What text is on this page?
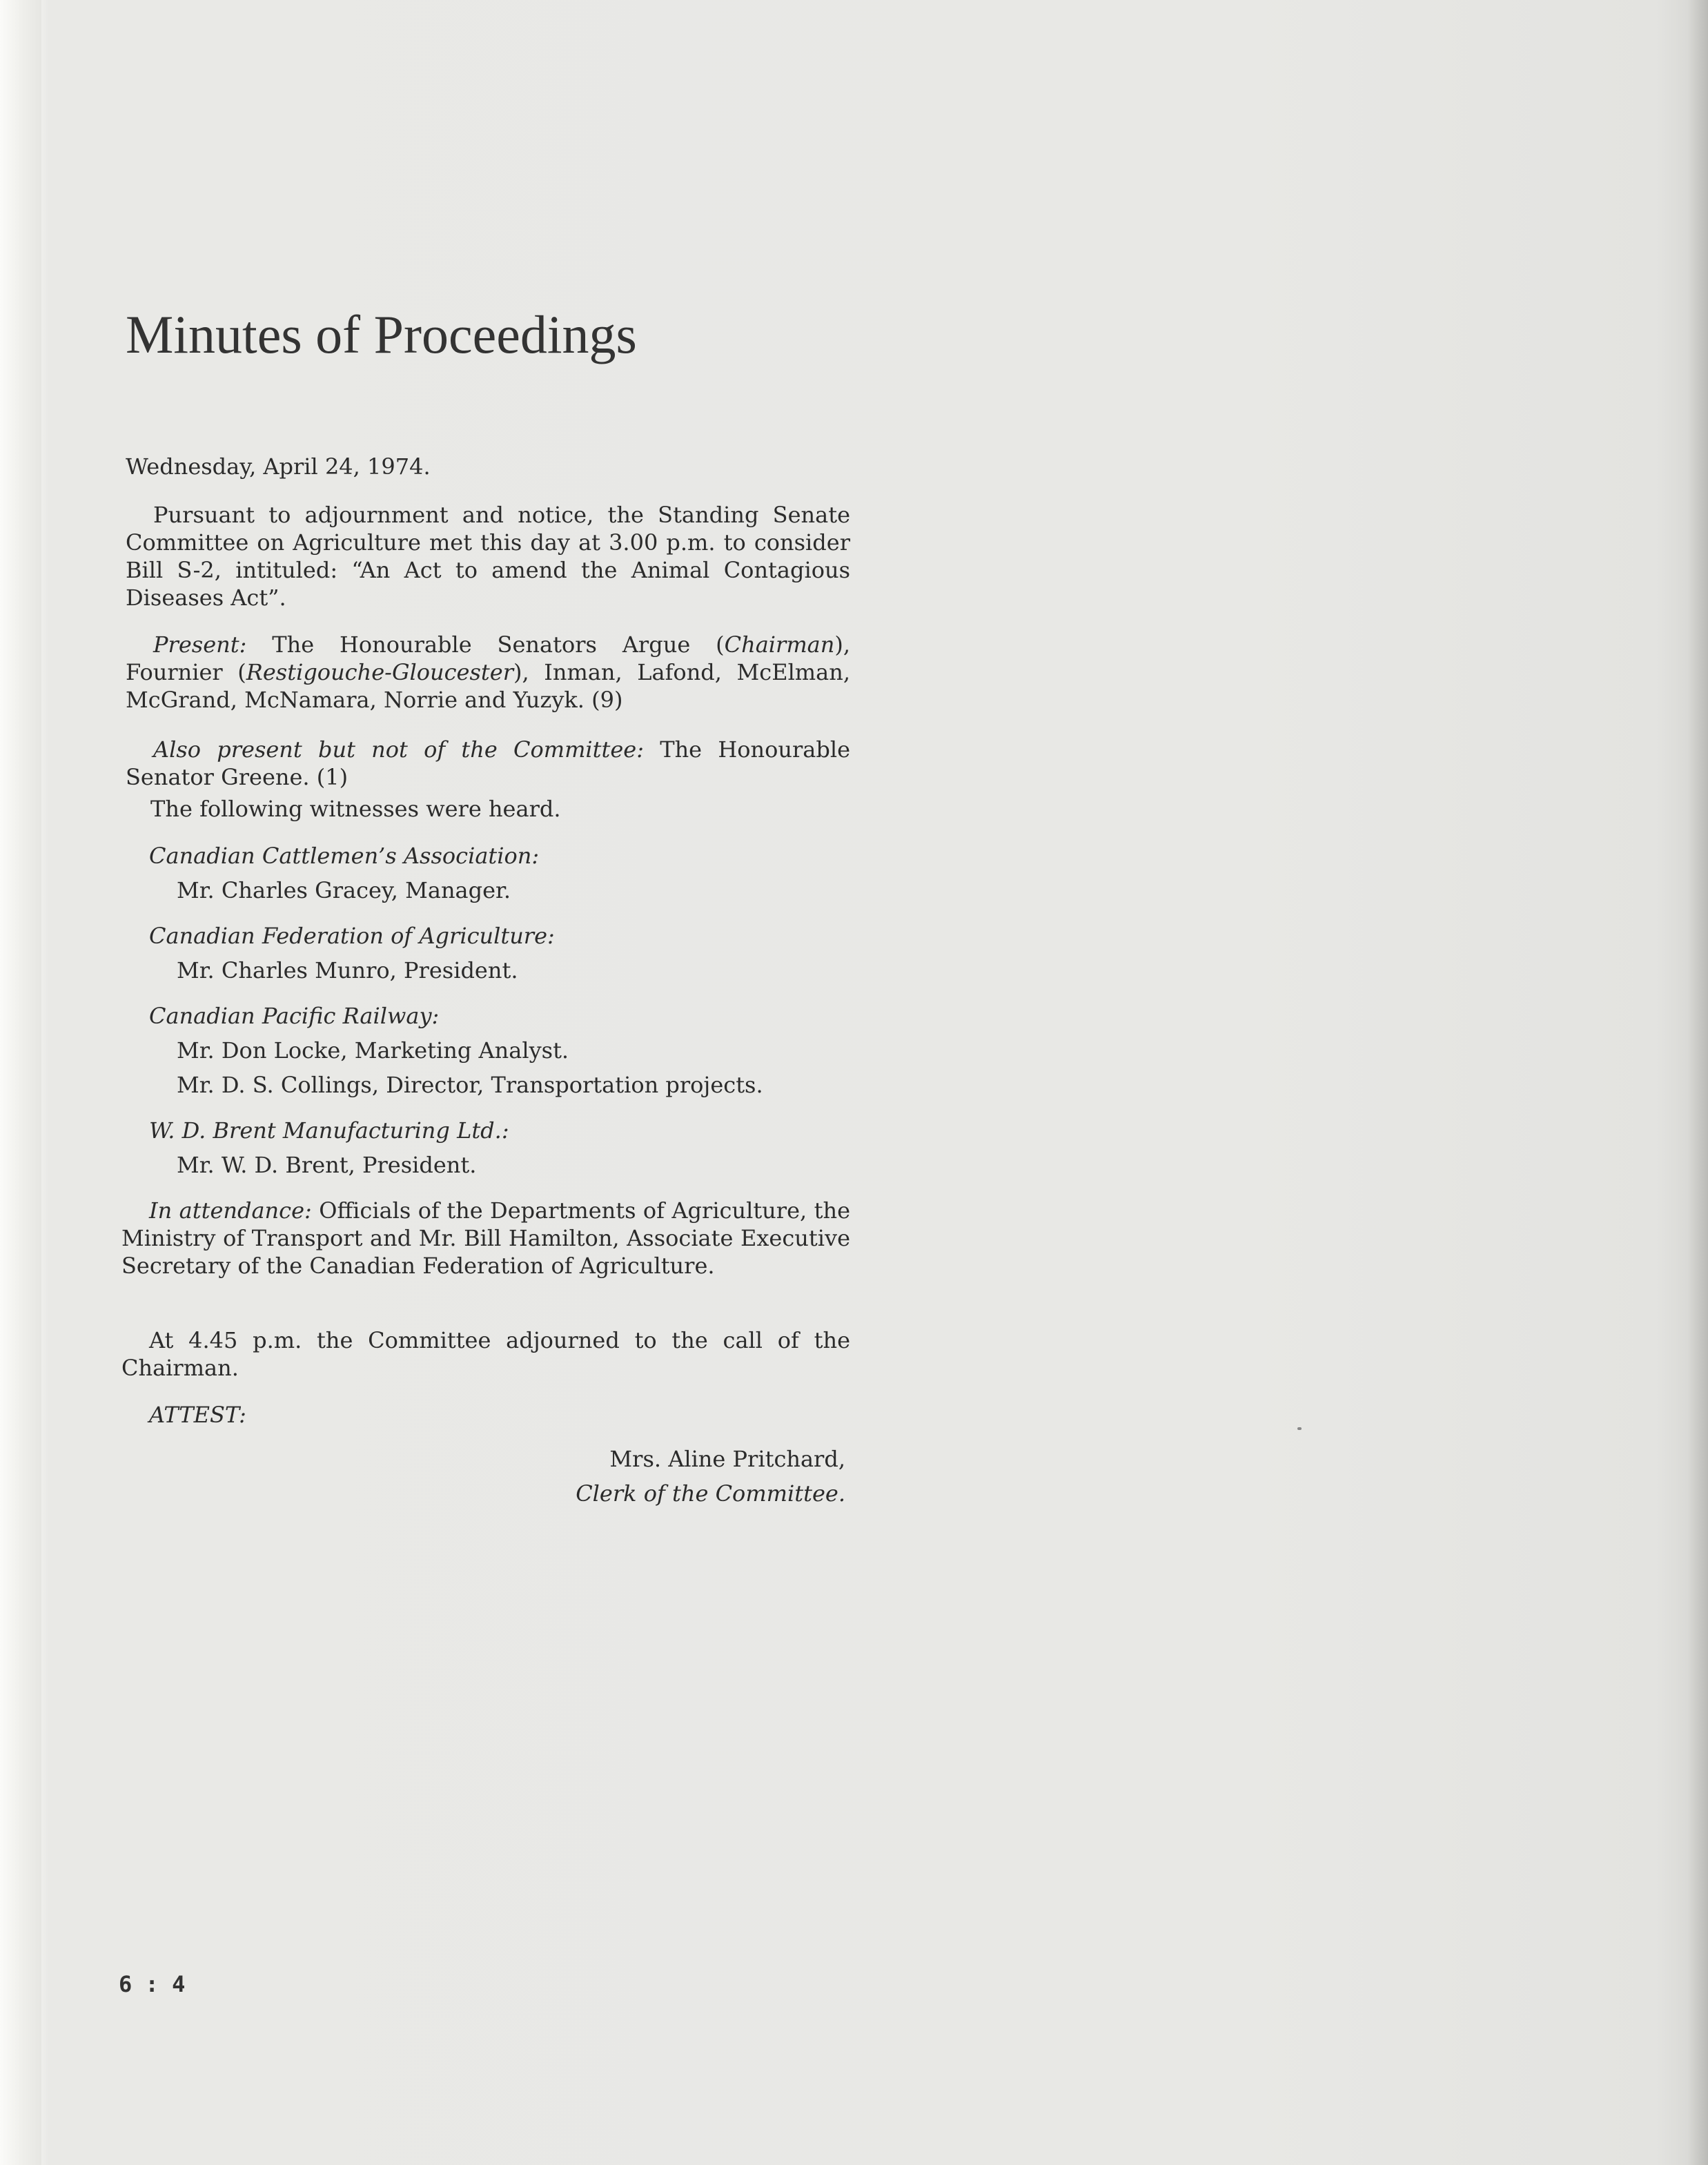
Minutes of Proceedings
Wednesday, April 24, 1974.
Pursuant to adjournment and notice, the Standing Senate Committee on Agriculture met this day at 3.00 p.m. to consider Bill S-2, intituled: “An Act to amend the Animal Contagious Diseases Act”.
Present: The Honourable Senators Argue (Chairman), Fournier (Restigouche-Gloucester), Inman, Lafond, McElman, McGrand, McNamara, Norrie and Yuzyk. (9)
Also present but not of the Committee: The Honourable Senator Greene. (1)
The following witnesses were heard.
Canadian Cattlemen’s Association:
Mr. Charles Gracey, Manager.
Canadian Federation of Agriculture:
Mr. Charles Munro, President.
Canadian Pacific Railway:
Mr. Don Locke, Marketing Analyst.
Mr. D. S. Collings, Director, Transportation projects.
W. D. Brent Manufacturing Ltd.:
Mr. W. D. Brent, President.
In attendance: Officials of the Departments of Agriculture, the Ministry of Transport and Mr. Bill Hamilton, Associate Executive Secretary of the Canadian Federation of Agriculture.
At 4.45 p.m. the Committee adjourned to the call of the Chairman.
ATTEST:
Mrs. Aline Pritchard,
Clerk of the Committee.
6 : 4
